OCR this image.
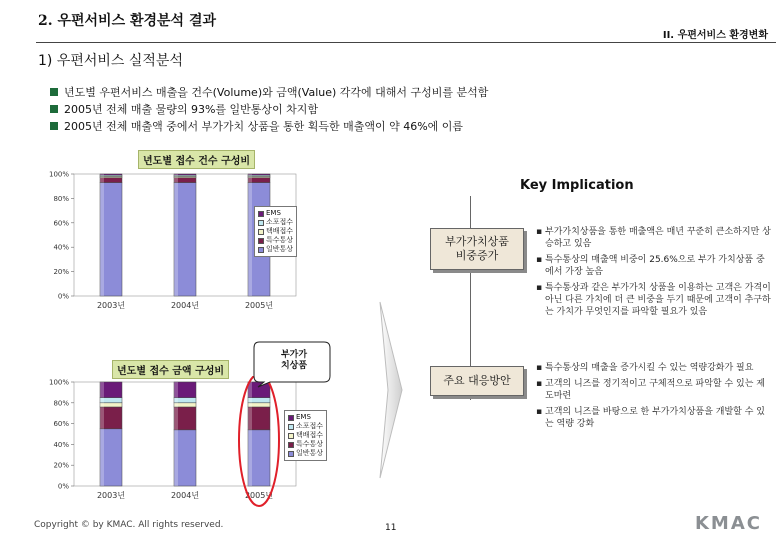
2. 우편서비스 환경분석 결과
II. 우편서비스 환경변화
1) 우편서비스 실적분석
년도별 우편서비스 매출을 건수(Volume)와 금액(Value) 각각에 대해서 구성비를 분석함
2005년 전체 매출 물량의 93%를 일반통상이 차지함
2005년 전체 매출액 중에서 부가가치 상품을 통한 획득한 매출액이 약 46%에 이름
년도별 접수 건수 구성비
100%
80%
60%
40%
20%
0%
2003년	2004년	2005년
EMS
소포접수
택배접수
특수통상
일반통상
년도별 접수 금액 구성비
100%
80%
60%
40%
20%
0%
2003년	2004년	2005년
EMS
소포접수
택배접수
특수통상
일반통상
부가가
치상품
Key Implication
부가가치상품
비중증가
▪ 부가가치상품을 통한 매출액은 매년 꾸준히 큰소하지만 상승하고 있음
▪ 특수통상의 매출액 비중이 25.6%으로 부가 가치상품 중에서 가장 높음
▪ 특수통상과 같은 부가가치 상품을 이용하는 고객은 가격이 아닌 다른 가치에 더 큰 비중을 두기 때문에 고객이 추구하는 가치가 무엇인지를 파악할 필요가 있음
주요 대응방안
▪ 특수통상의 매출을 증가시킬 수 있는 역량강화가 필요
▪ 고객의 니즈를 정기적이고 구체적으로 파악할 수 있는 제도마련
▪ 고객의 니즈를 바탕으로 한 부가가치상품을 개발할 수 있는 역량 강화
Copyright © by KMAC. All rights reserved.	11	KMAC
